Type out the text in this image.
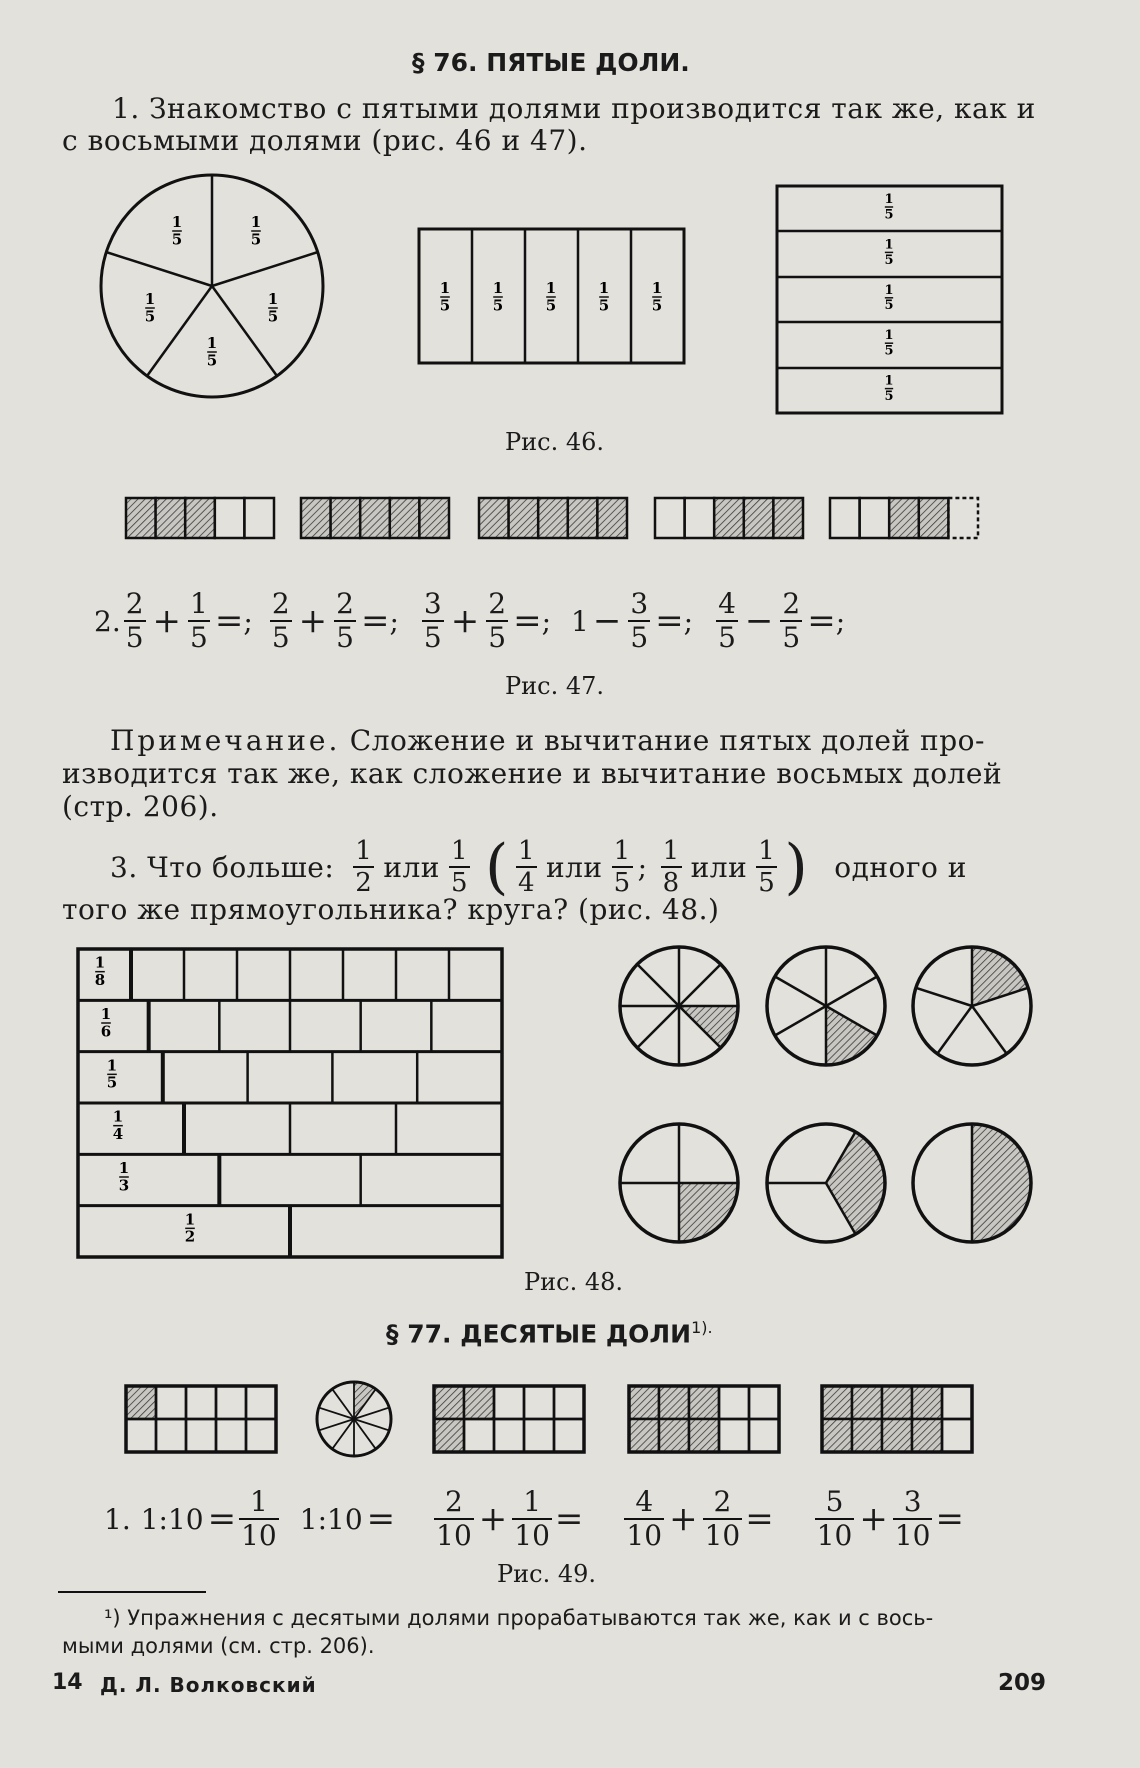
§ 76. ПЯТЫЕ ДОЛИ.
1. Знакомство с пятыми долями производится так же, как и
с восьмыми долями (рис. 46 и 47).
1
5
1
5
1
5
1
5
1
5
1
5
1
5
1
5
1
5
1
5
1
5
1
5
1
5
1
5
1
5
1
8
1
6
1
5
1
4
1
3
1
2
Рис. 46.
2.
2
5 + 1
5 = ;
2
5 + 2
5 = ;
3
5 + 2
5 = ; 1 − 3
5 = ;
4
5 − 2
5 = ;
Рис. 47.
Примечание. Сложение и вычитание пятых долей про-
изводится так же, как сложение и вычитание восьмых долей
(стр. 206).
3. Что больше: 1
2 или 1
5 ( 1
4 или 1
5 ; 1
8 или 1
5 ) одного и
того же прямоугольника? круга? (рис. 48.)
Рис. 48.
§ 77. ДЕСЯТЫЕ $ДОЛИ^{1).}$
1. 1:10 = 1
10 1:10 = 2
10 + 1
10 = 4
10 + 2
10 = 5
10 + 3
10 =
Рис. 49.
¹) Упражнения с десятыми долями прорабатываются так же, как и с вось-
мыми долями (см. стр. 206).
14 Д. Л. Волковский	209
